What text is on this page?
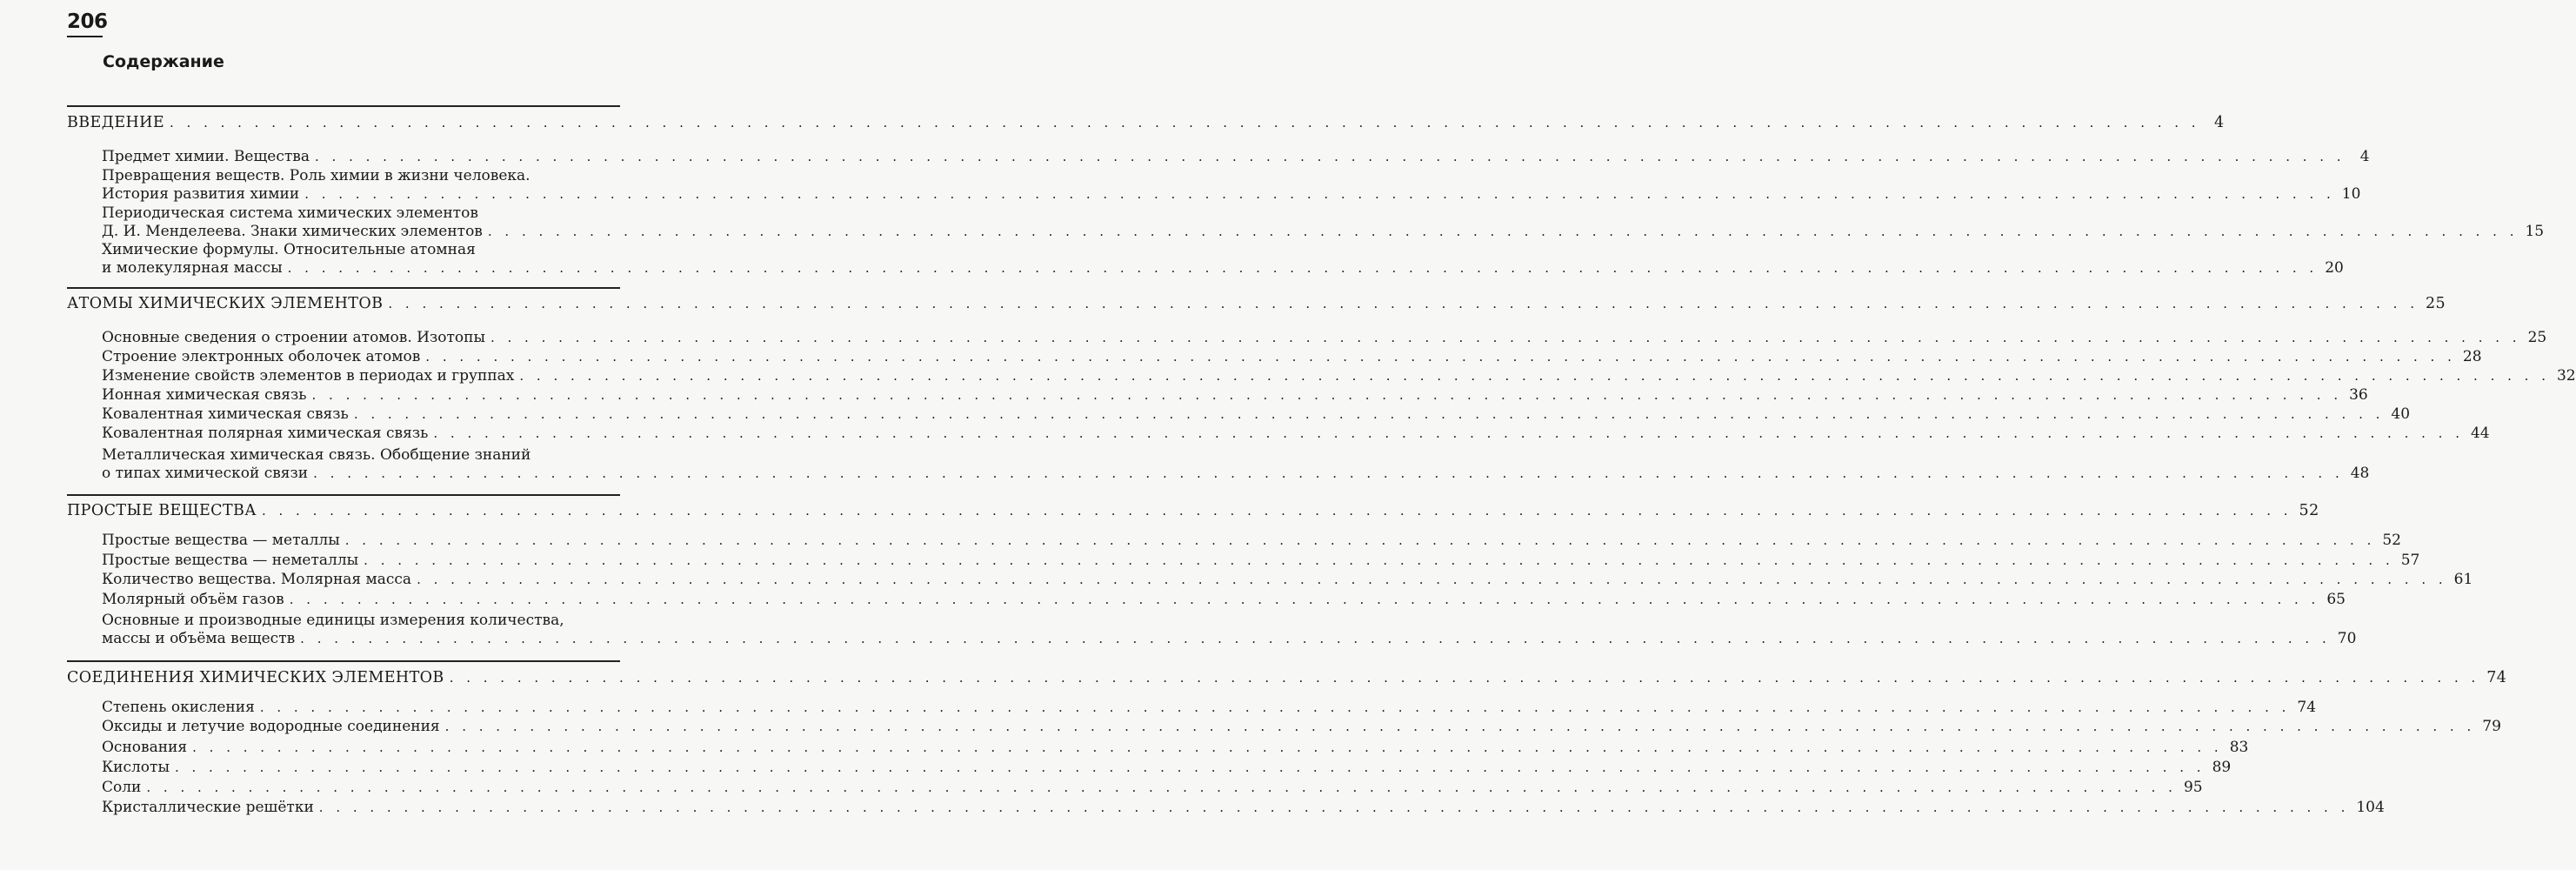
206
Содержание
ВВЕДЕНИЕ . . . . . . . . . . . . . . . . . . . . . . . . . . . . . . . . . . . . . . . . . . . . . . . . . . . . . . . . . . . . . . . . . . . . . . . . . . . . . . . . . . . . . . . . . . . . . . . . . . . . . . . . . . . . . . . . . . . . . . . . 4
Предмет химии. Вещества . . . . . . . . . . . . . . . . . . . . . . . . . . . . . . . . . . . . . . . . . . . . . . . . . . . . . . . . . . . . . . . . . . . . . . . . . . . . . . . . . . . . . . . . . . . . . . . . . . . . . . . . . . . . . . . . . . . . . . . .	4
Превращения веществ. Роль химии в жизни человека.
История развития химии . . . . . . . . . . . . . . . . . . . . . . . . . . . . . . . . . . . . . . . . . . . . . . . . . . . . . . . . . . . . . . . . . . . . . . . . . . . . . . . . . . . . . . . . . . . . . . . . . . . . . . . . . . . . . . . . . . . . . . . . 10
Периодическая система химических элементов
Д. И. Менделеева. Знаки химических элементов . . . . . . . . . . . . . . . . . . . . . . . . . . . . . . . . . . . . . . . . . . . . . . . . . . . . . . . . . . . . . . . . . . . . . . . . . . . . . . . . . . . . . . . . . . . . . . . . . . . . . . . . . . . . . . . . . . . . . . . . 15
Химические формулы. Относительные атомная
и молекулярная массы . . . . . . . . . . . . . . . . . . . . . . . . . . . . . . . . . . . . . . . . . . . . . . . . . . . . . . . . . . . . . . . . . . . . . . . . . . . . . . . . . . . . . . . . . . . . . . . . . . . . . . . . . . . . . . . . . . . . . . . . 20
АТОМЫ ХИМИЧЕСКИХ ЭЛЕМЕНТОВ . . . . . . . . . . . . . . . . . . . . . . . . . . . . . . . . . . . . . . . . . . . . . . . . . . . . . . . . . . . . . . . . . . . . . . . . . . . . . . . . . . . . . . . . . . . . . . . . . . . . . . . . . . . . . . . . . . . . . . . . 25
Основные сведения о строении атомов. Изотопы . . . . . . . . . . . . . . . . . . . . . . . . . . . . . . . . . . . . . . . . . . . . . . . . . . . . . . . . . . . . . . . . . . . . . . . . . . . . . . . . . . . . . . . . . . . . . . . . . . . . . . . . . . . . . . . . . . . . . . . . 25
Строение электронных оболочек атомов . . . . . . . . . . . . . . . . . . . . . . . . . . . . . . . . . . . . . . . . . . . . . . . . . . . . . . . . . . . . . . . . . . . . . . . . . . . . . . . . . . . . . . . . . . . . . . . . . . . . . . . . . . . . . . . . . . . . . . . . 28
Изменение свойств элементов в периодах и группах . . . . . . . . . . . . . . . . . . . . . . . . . . . . . . . . . . . . . . . . . . . . . . . . . . . . . . . . . . . . . . . . . . . . . . . . . . . . . . . . . . . . . . . . . . . . . . . . . . . . . . . . . . . . . . . . . . . . . . . . 32
Ионная химическая связь . . . . . . . . . . . . . . . . . . . . . . . . . . . . . . . . . . . . . . . . . . . . . . . . . . . . . . . . . . . . . . . . . . . . . . . . . . . . . . . . . . . . . . . . . . . . . . . . . . . . . . . . . . . . . . . . . . . . . . . . 36
Ковалентная химическая связь . . . . . . . . . . . . . . . . . . . . . . . . . . . . . . . . . . . . . . . . . . . . . . . . . . . . . . . . . . . . . . . . . . . . . . . . . . . . . . . . . . . . . . . . . . . . . . . . . . . . . . . . . . . . . . . . . . . . . . . . 40
Ковалентная полярная химическая связь . . . . . . . . . . . . . . . . . . . . . . . . . . . . . . . . . . . . . . . . . . . . . . . . . . . . . . . . . . . . . . . . . . . . . . . . . . . . . . . . . . . . . . . . . . . . . . . . . . . . . . . . . . . . . . . . . . . . . . . . 44
Металлическая химическая связь. Обобщение знаний
о типах химической связи . . . . . . . . . . . . . . . . . . . . . . . . . . . . . . . . . . . . . . . . . . . . . . . . . . . . . . . . . . . . . . . . . . . . . . . . . . . . . . . . . . . . . . . . . . . . . . . . . . . . . . . . . . . . . . . . . . . . . . . . 48
ПРОСТЫЕ ВЕЩЕСТВА . . . . . . . . . . . . . . . . . . . . . . . . . . . . . . . . . . . . . . . . . . . . . . . . . . . . . . . . . . . . . . . . . . . . . . . . . . . . . . . . . . . . . . . . . . . . . . . . . . . . . . . . . . . . . . . . . . . . . . . . 52
Простые вещества — металлы . . . . . . . . . . . . . . . . . . . . . . . . . . . . . . . . . . . . . . . . . . . . . . . . . . . . . . . . . . . . . . . . . . . . . . . . . . . . . . . . . . . . . . . . . . . . . . . . . . . . . . . . . . . . . . . . . . . . . . . . 52
Простые вещества — неметаллы . . . . . . . . . . . . . . . . . . . . . . . . . . . . . . . . . . . . . . . . . . . . . . . . . . . . . . . . . . . . . . . . . . . . . . . . . . . . . . . . . . . . . . . . . . . . . . . . . . . . . . . . . . . . . . . . . . . . . . . . 57
Количество вещества. Молярная масса . . . . . . . . . . . . . . . . . . . . . . . . . . . . . . . . . . . . . . . . . . . . . . . . . . . . . . . . . . . . . . . . . . . . . . . . . . . . . . . . . . . . . . . . . . . . . . . . . . . . . . . . . . . . . . . . . . . . . . . . 61
Молярный объём газов . . . . . . . . . . . . . . . . . . . . . . . . . . . . . . . . . . . . . . . . . . . . . . . . . . . . . . . . . . . . . . . . . . . . . . . . . . . . . . . . . . . . . . . . . . . . . . . . . . . . . . . . . . . . . . . . . . . . . . . . 65
Основные и производные единицы измерения количества,
массы и объёма веществ . . . . . . . . . . . . . . . . . . . . . . . . . . . . . . . . . . . . . . . . . . . . . . . . . . . . . . . . . . . . . . . . . . . . . . . . . . . . . . . . . . . . . . . . . . . . . . . . . . . . . . . . . . . . . . . . . . . . . . . . 70
СОЕДИНЕНИЯ ХИМИЧЕСКИХ ЭЛЕМЕНТОВ . . . . . . . . . . . . . . . . . . . . . . . . . . . . . . . . . . . . . . . . . . . . . . . . . . . . . . . . . . . . . . . . . . . . . . . . . . . . . . . . . . . . . . . . . . . . . . . . . . . . . . . . . . . . . . . . . . . . . . . . 74
Степень окисления . . . . . . . . . . . . . . . . . . . . . . . . . . . . . . . . . . . . . . . . . . . . . . . . . . . . . . . . . . . . . . . . . . . . . . . . . . . . . . . . . . . . . . . . . . . . . . . . . . . . . . . . . . . . . . . . . . . . . . . . 74
Оксиды и летучие водородные соединения . . . . . . . . . . . . . . . . . . . . . . . . . . . . . . . . . . . . . . . . . . . . . . . . . . . . . . . . . . . . . . . . . . . . . . . . . . . . . . . . . . . . . . . . . . . . . . . . . . . . . . . . . . . . . . . . . . . . . . . . 79
Основания . . . . . . . . . . . . . . . . . . . . . . . . . . . . . . . . . . . . . . . . . . . . . . . . . . . . . . . . . . . . . . . . . . . . . . . . . . . . . . . . . . . . . . . . . . . . . . . . . . . . . . . . . . . . . . . . . . . . . . . . 83
Кислоты . . . . . . . . . . . . . . . . . . . . . . . . . . . . . . . . . . . . . . . . . . . . . . . . . . . . . . . . . . . . . . . . . . . . . . . . . . . . . . . . . . . . . . . . . . . . . . . . . . . . . . . . . . . . . . . . . . . . . . . . 89
Соли . . . . . . . . . . . . . . . . . . . . . . . . . . . . . . . . . . . . . . . . . . . . . . . . . . . . . . . . . . . . . . . . . . . . . . . . . . . . . . . . . . . . . . . . . . . . . . . . . . . . . . . . . . . . . . . . . . . . . . . . 95
Кристаллические решётки . . . . . . . . . . . . . . . . . . . . . . . . . . . . . . . . . . . . . . . . . . . . . . . . . . . . . . . . . . . . . . . . . . . . . . . . . . . . . . . . . . . . . . . . . . . . . . . . . . . . . . . . . . . . . . . . . . . . . . . . 104
